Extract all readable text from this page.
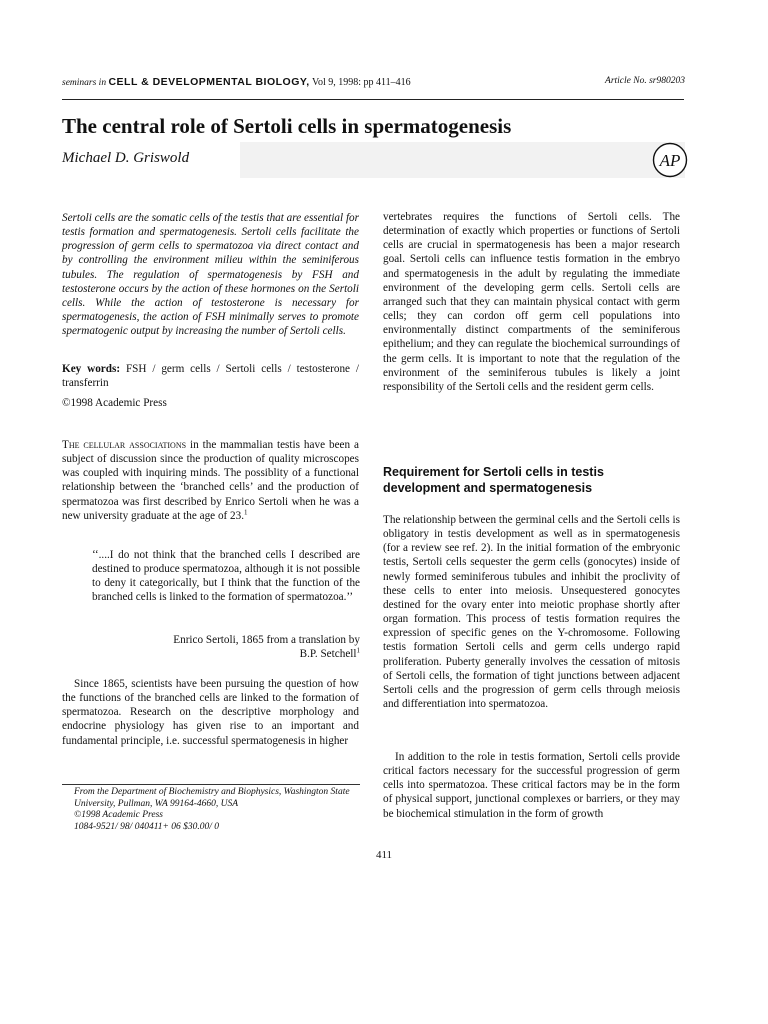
seminars in CELL & DEVELOPMENTAL BIOLOGY, Vol 9, 1998: pp 411–416	Article No. sr980203
The central role of Sertoli cells in spermatogenesis
Michael D. Griswold	AP
Sertoli cells are the somatic cells of the testis that are essential for testis formation and spermatogenesis. Sertoli cells facilitate the progression of germ cells to spermatozoa via direct contact and by controlling the environment milieu within the seminiferous tubules. The regulation of spermatogenesis by FSH and testosterone occurs by the action of these hormones on the Sertoli cells. While the action of testosterone is necessary for spermatogenesis, the action of FSH minimally serves to promote spermatogenic output by increasing the number of Sertoli cells.
Key words: FSH / germ cells / Sertoli cells / testosterone / transferrin
©1998 Academic Press
The cellular associations in the mammalian testis have been a subject of discussion since the production of quality microscopes was coupled with inquiring minds. The possiblity of a functional relationship between the ‘branched cells’ and the production of spermatozoa was first described by Enrico Sertoli when he was a new university graduate at the age of 23.$^1$
‘‘....I do not think that the branched cells I described are destined to produce spermatozoa, although it is not possible to deny it categorically, but I think that the function of the branched cells is linked to the formation of spermatozoa.’’
Enrico Sertoli, 1865 from a translation by
B.P. Setchell$^1$
Since 1865, scientists have been pursuing the question of how the functions of the branched cells are linked to the formation of spermatozoa. Research on the descriptive morphology and endocrine physiology has given rise to an important and fundamental principle, i.e. successful spermatogenesis in higher
From the Department of Biochemistry and Biophysics, Washington State University, Pullman, WA 99164-4660, USA
©1998 Academic Press
1084-9521/ 98/ 040411+ 06 $30.00/ 0
vertebrates requires the functions of Sertoli cells. The determination of exactly which properties or functions of Sertoli cells are crucial in spermatogenesis has been a major research goal. Sertoli cells can influence testis formation in the embryo and spermatogenesis in the adult by regulating the immediate environment of the developing germ cells. Sertoli cells are arranged such that they can maintain physical contact with germ cells; they can cordon off germ cell populations into environmentally distinct compartments of the seminiferous epithelium; and they can regulate the biochemical surroundings of the germ cells. It is important to note that the regulation of the environment of the seminiferous tubules is likely a joint responsibility of the Sertoli cells and the resident germ cells.
Requirement for Sertoli cells in testis development and spermatogenesis
The relationship between the germinal cells and the Sertoli cells is obligatory in testis development as well as in spermatogenesis (for a review see ref. 2). In the initial formation of the embryonic testis, Sertoli cells sequester the germ cells (gonocytes) inside of newly formed seminiferous tubules and inhibit the proclivity of these cells to enter into meiosis. Unsequestered gonocytes destined for the ovary enter into meiotic prophase shortly after organ formation. This process of testis formation requires the expression of specific genes on the Y-chromosome. Following testis formation Sertoli cells and germ cells undergo rapid proliferation. Puberty generally involves the cessation of mitosis of Sertoli cells, the formation of tight junctions between adjacent Sertoli cells and the progression of germ cells through meiosis and differentiation into spermatozoa.
In addition to the role in testis formation, Sertoli cells provide critical factors necessary for the successful progression of germ cells into spermatozoa. These critical factors may be in the form of physical support, junctional complexes or barriers, or they may be biochemical stimulation in the form of growth
411
